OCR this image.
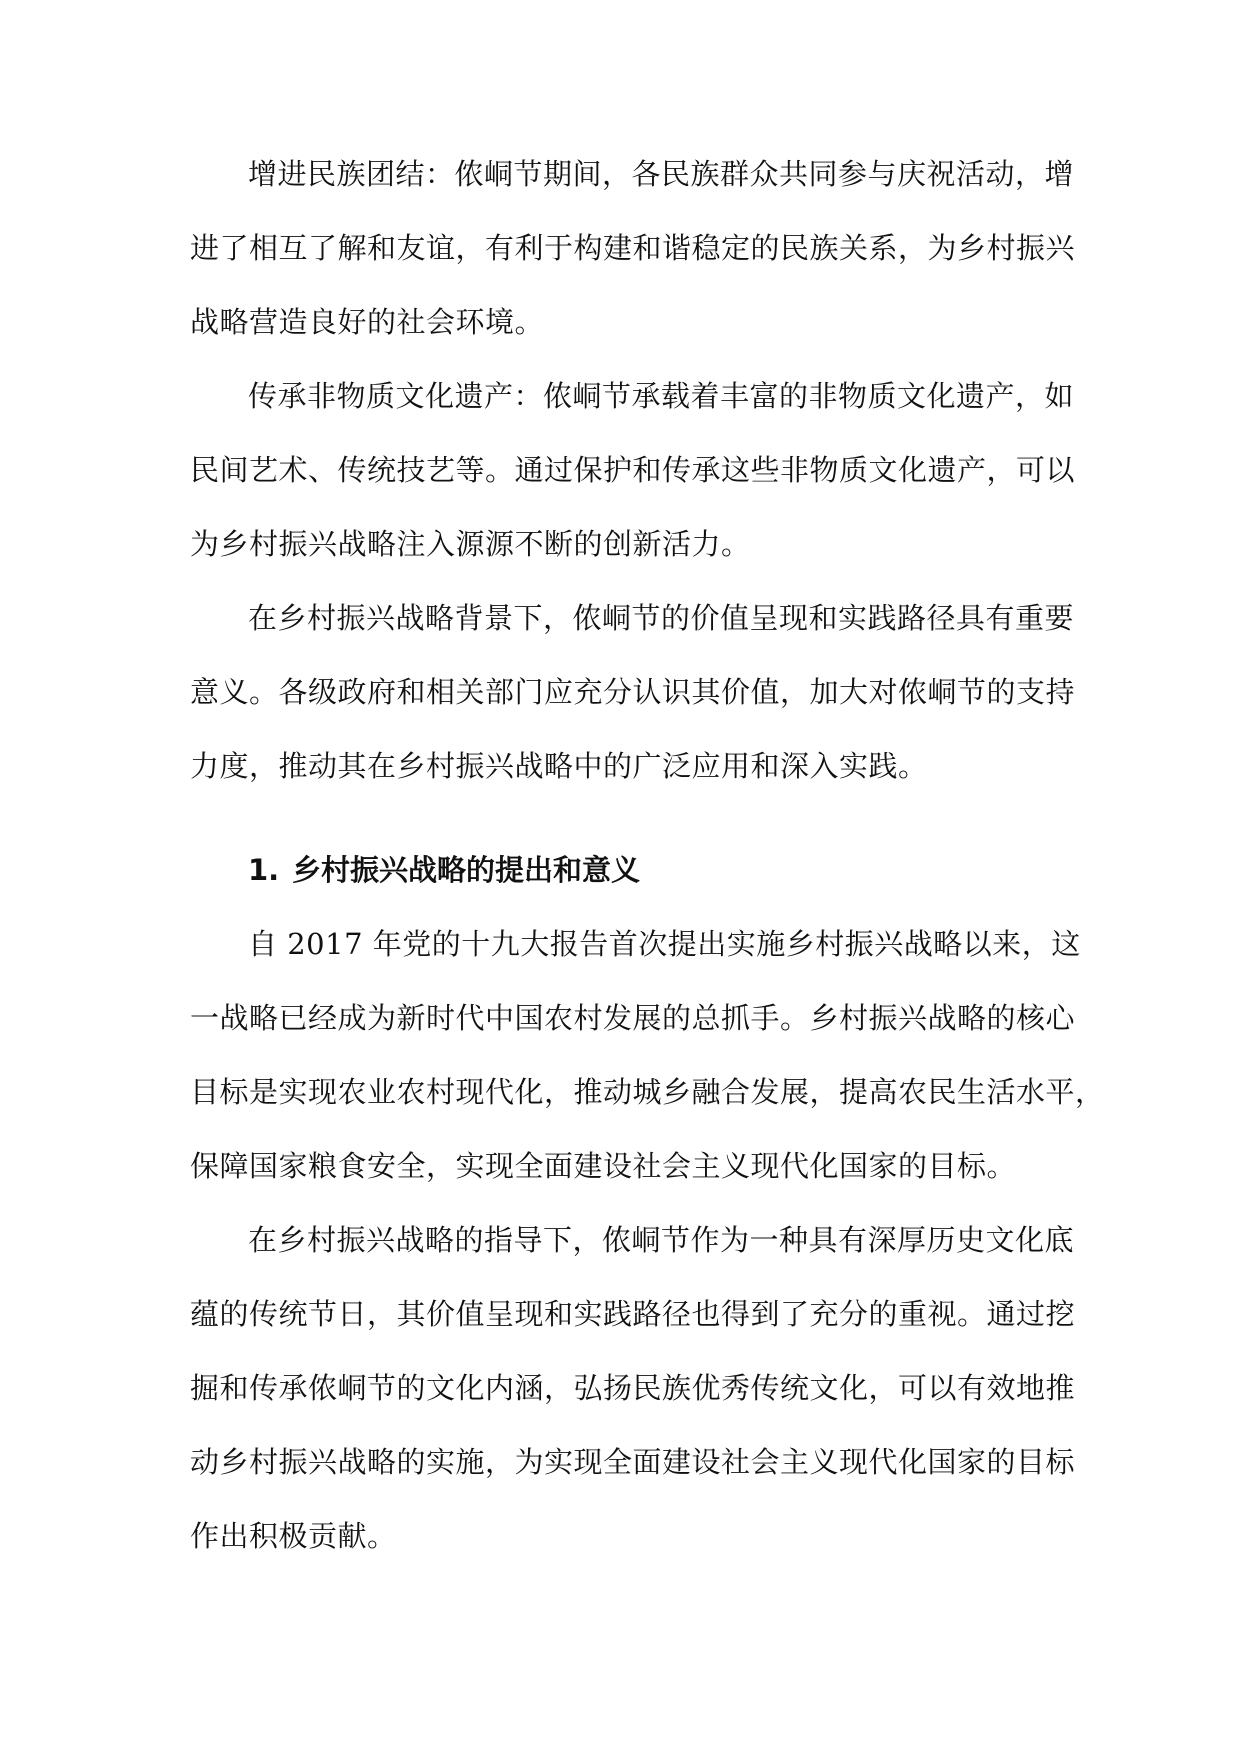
增进民族团结：侬峒节期间，各民族群众共同参与庆祝活动，增
进了相互了解和友谊，有利于构建和谐稳定的民族关系，为乡村振兴
战略营造良好的社会环境。

传承非物质文化遗产：侬峒节承载着丰富的非物质文化遗产，如
民间艺术、传统技艺等。通过保护和传承这些非物质文化遗产，可以
为乡村振兴战略注入源源不断的创新活力。

在乡村振兴战略背景下，侬峒节的价值呈现和实践路径具有重要
意义。各级政府和相关部门应充分认识其价值，加大对侬峒节的支持
力度，推动其在乡村振兴战略中的广泛应用和深入实践。

1. 乡村振兴战略的提出和意义

自 2017 年党的十九大报告首次提出实施乡村振兴战略以来，这
一战略已经成为新时代中国农村发展的总抓手。乡村振兴战略的核心
目标是实现农业农村现代化，推动城乡融合发展，提高农民生活水平，
保障国家粮食安全，实现全面建设社会主义现代化国家的目标。

在乡村振兴战略的指导下，侬峒节作为一种具有深厚历史文化底
蕴的传统节日，其价值呈现和实践路径也得到了充分的重视。通过挖
掘和传承侬峒节的文化内涵，弘扬民族优秀传统文化，可以有效地推
动乡村振兴战略的实施，为实现全面建设社会主义现代化国家的目标
作出积极贡献。
